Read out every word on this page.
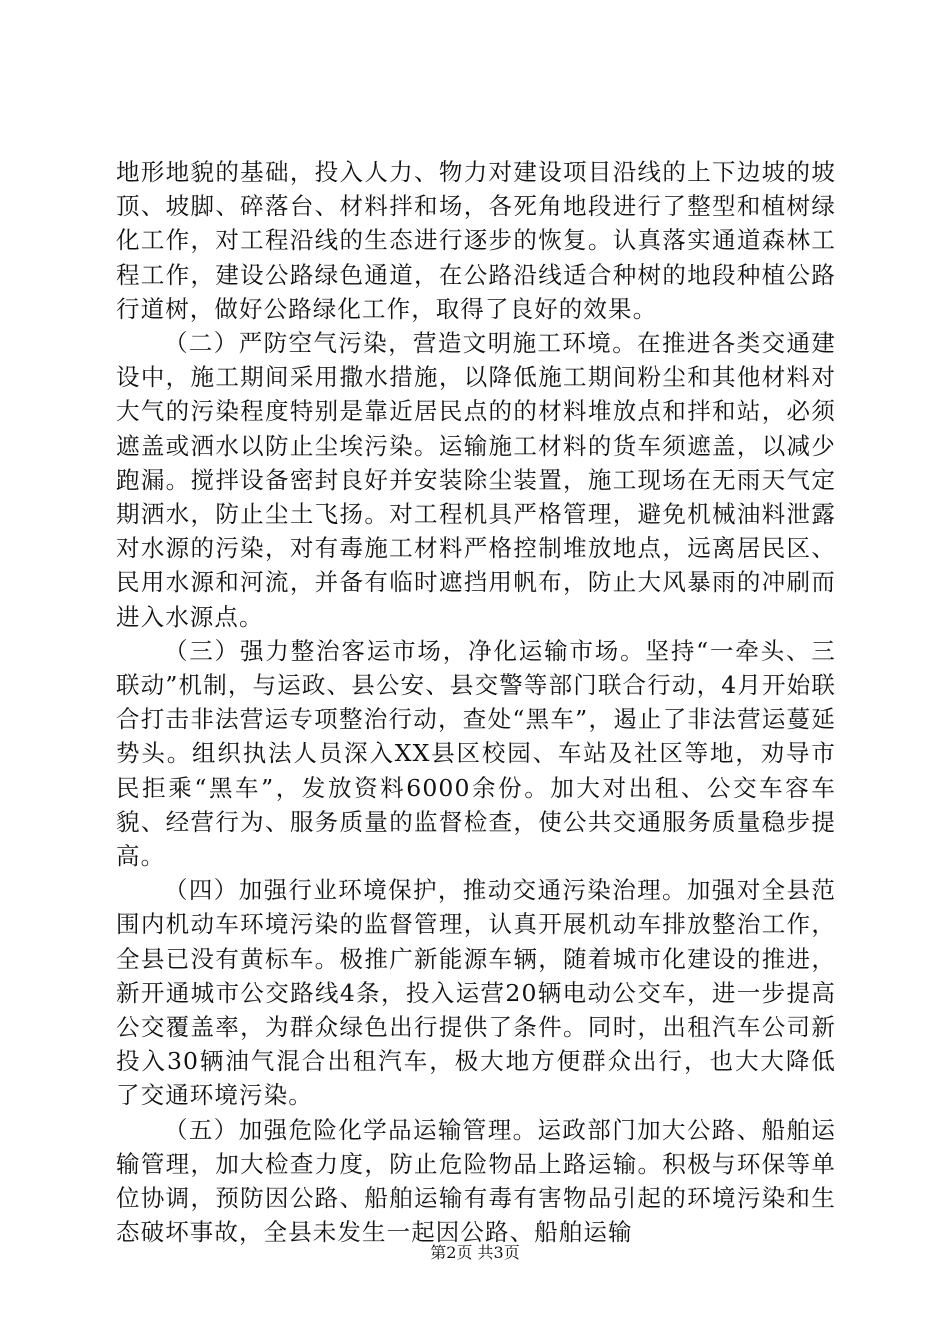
地形地貌的基础，投入人力、物力对建设项目沿线的上下边坡的坡顶、坡脚、碎落台、材料拌和场，各死角地段进行了整型和植树绿化工作，对工程沿线的生态进行逐步的恢复。认真落实通道森林工程工作，建设公路绿色通道，在公路沿线适合种树的地段种植公路行道树，做好公路绿化工作，取得了良好的效果。

（二）严防空气污染，营造文明施工环境。在推进各类交通建设中，施工期间采用撒水措施，以降低施工期间粉尘和其他材料对大气的污染程度特别是靠近居民点的的材料堆放点和拌和站，必须遮盖或洒水以防止尘埃污染。运输施工材料的货车须遮盖，以减少跑漏。搅拌设备密封良好并安装除尘装置，施工现场在无雨天气定期洒水，防止尘土飞扬。对工程机具严格管理，避免机械油料泄露对水源的污染，对有毒施工材料严格控制堆放地点，远离居民区、民用水源和河流，并备有临时遮挡用帆布，防止大风暴雨的冲刷而进入水源点。

（三）强力整治客运市场，净化运输市场。坚持“一牵头、三联动”机制，与运政、县公安、县交警等部门联合行动，4月开始联合打击非法营运专项整治行动，查处“黑车”，遏止了非法营运蔓延势头。组织执法人员深入XX县区校园、车站及社区等地，劝导市民拒乘“黑车”，发放资料6000余份。加大对出租、公交车容车貌、经营行为、服务质量的监督检查，使公共交通服务质量稳步提高。

（四）加强行业环境保护，推动交通污染治理。加强对全县范围内机动车环境污染的监督管理，认真开展机动车排放整治工作，全县已没有黄标车。极推广新能源车辆，随着城市化建设的推进，新开通城市公交路线4条，投入运营20辆电动公交车，进一步提高公交覆盖率，为群众绿色出行提供了条件。同时，出租汽车公司新投入30辆油气混合出租汽车，极大地方便群众出行，也大大降低了交通环境污染。

（五）加强危险化学品运输管理。运政部门加大公路、船舶运输管理，加大检查力度，防止危险物品上路运输。积极与环保等单位协调，预防因公路、船舶运输有毒有害物品引起的环境污染和生态破坏事故，全县未发生一起因公路、船舶运输

第2页 共3页
